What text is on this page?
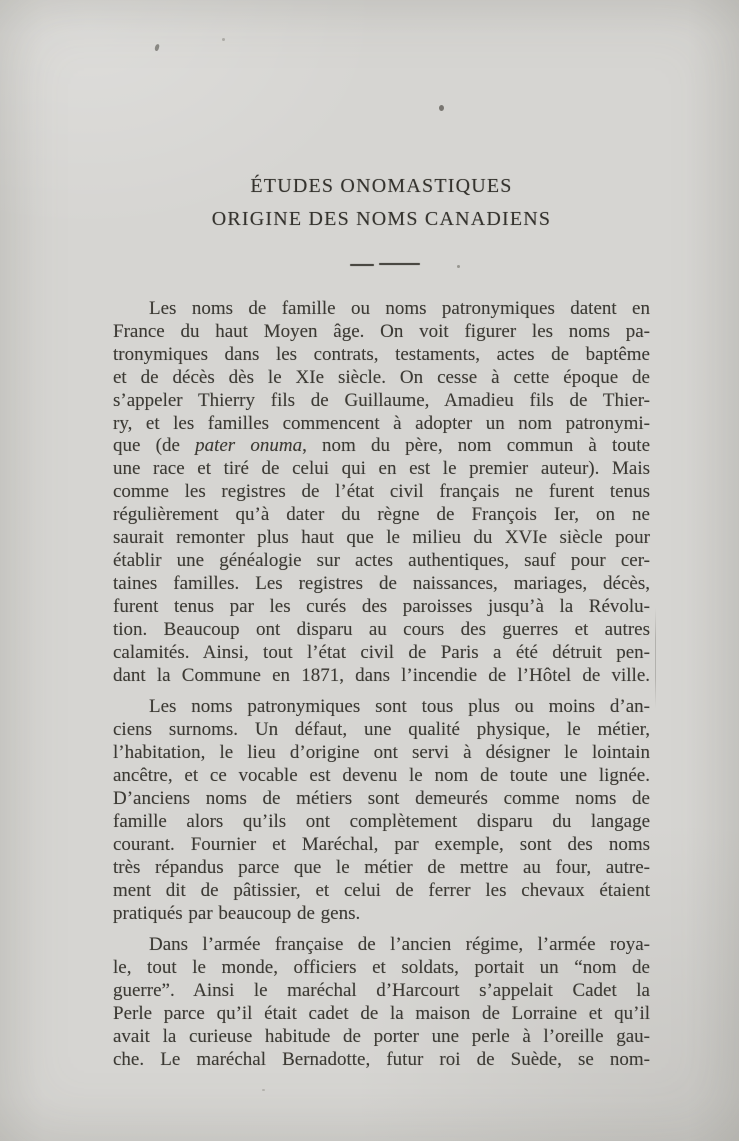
ÉTUDES ONOMASTIQUES
ORIGINE DES NOMS CANADIENS
Les noms de famille ou noms patronymiques datent en
France du haut Moyen âge. On voit figurer les noms pa-
tronymiques dans les contrats, testaments, actes de baptême
et de décès dès le XIe siècle. On cesse à cette époque de
s’appeler Thierry fils de Guillaume, Amadieu fils de Thier-
ry, et les familles commencent à adopter un nom patronymi-
que (de pater onuma, nom du père, nom commun à toute
une race et tiré de celui qui en est le premier auteur). Mais
comme les registres de l’état civil français ne furent tenus
régulièrement qu’à dater du règne de François Ier, on ne
saurait remonter plus haut que le milieu du XVIe siècle pour
établir une généalogie sur actes authentiques, sauf pour cer-
taines familles. Les registres de naissances, mariages, décès,
furent tenus par les curés des paroisses jusqu’à la Révolu-
tion. Beaucoup ont disparu au cours des guerres et autres
calamités. Ainsi, tout l’état civil de Paris a été détruit pen-
dant la Commune en 1871, dans l’incendie de l’Hôtel de ville.
Les noms patronymiques sont tous plus ou moins d’an-
ciens surnoms. Un défaut, une qualité physique, le métier,
l’habitation, le lieu d’origine ont servi à désigner le lointain
ancêtre, et ce vocable est devenu le nom de toute une lignée.
D’anciens noms de métiers sont demeurés comme noms de
famille alors qu’ils ont complètement disparu du langage
courant. Fournier et Maréchal, par exemple, sont des noms
très répandus parce que le métier de mettre au four, autre-
ment dit de pâtissier, et celui de ferrer les chevaux étaient
pratiqués par beaucoup de gens.
Dans l’armée française de l’ancien régime, l’armée roya-
le, tout le monde, officiers et soldats, portait un “nom de
guerre”. Ainsi le maréchal d’Harcourt s’appelait Cadet la
Perle parce qu’il était cadet de la maison de Lorraine et qu’il
avait la curieuse habitude de porter une perle à l’oreille gau-
che. Le maréchal Bernadotte, futur roi de Suède, se nom-
